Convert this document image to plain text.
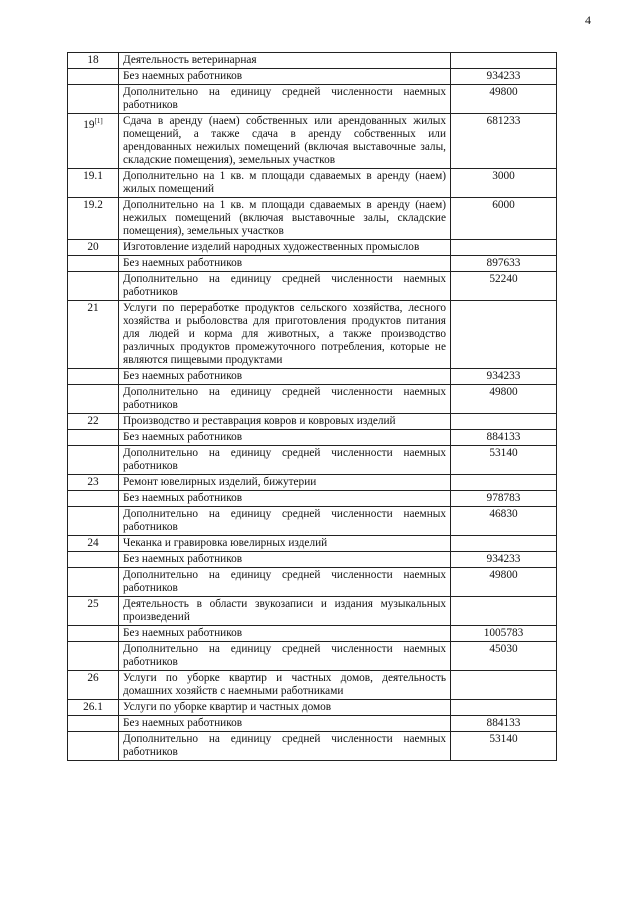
4
18	Деятельность ветеринарная	
	Без наемных работников	934233
	Дополнительно на единицу средней численности наемных работников	49800
19[1]	Сдача в аренду (наем) собственных или арендованных жилых помещений, а также сдача в аренду собственных или арендованных нежилых помещений (включая выставочные залы, складские помещения), земельных участков	681233
19.1	Дополнительно на 1 кв. м площади сдаваемых в аренду (наем) жилых помещений	3000
19.2	Дополнительно на 1 кв. м площади сдаваемых в аренду (наем) нежилых помещений (включая выставочные залы, складские помещения), земельных участков	6000
20	Изготовление изделий народных художественных промыслов	
	Без наемных работников	897633
	Дополнительно на единицу средней численности наемных работников	52240
21	Услуги по переработке продуктов сельского хозяйства, лесного хозяйства и рыболовства для приготовления продуктов питания для людей и корма для животных, а также производство различных продуктов промежуточного потребления, которые не являются пищевыми продуктами	
	Без наемных работников	934233
	Дополнительно на единицу средней численности наемных работников	49800
22	Производство и реставрация ковров и ковровых изделий	
	Без наемных работников	884133
	Дополнительно на единицу средней численности наемных работников	53140
23	Ремонт ювелирных изделий, бижутерии	
	Без наемных работников	978783
	Дополнительно на единицу средней численности наемных работников	46830
24	Чеканка и гравировка ювелирных изделий	
	Без наемных работников	934233
	Дополнительно на единицу средней численности наемных работников	49800
25	Деятельность в области звукозаписи и издания музыкальных произведений	
	Без наемных работников	1005783
	Дополнительно на единицу средней численности наемных работников	45030
26	Услуги по уборке квартир и частных домов, деятельность домашних хозяйств с наемными работниками	
26.1	Услуги по уборке квартир и частных домов	
	Без наемных работников	884133
	Дополнительно на единицу средней численности наемных работников	53140
